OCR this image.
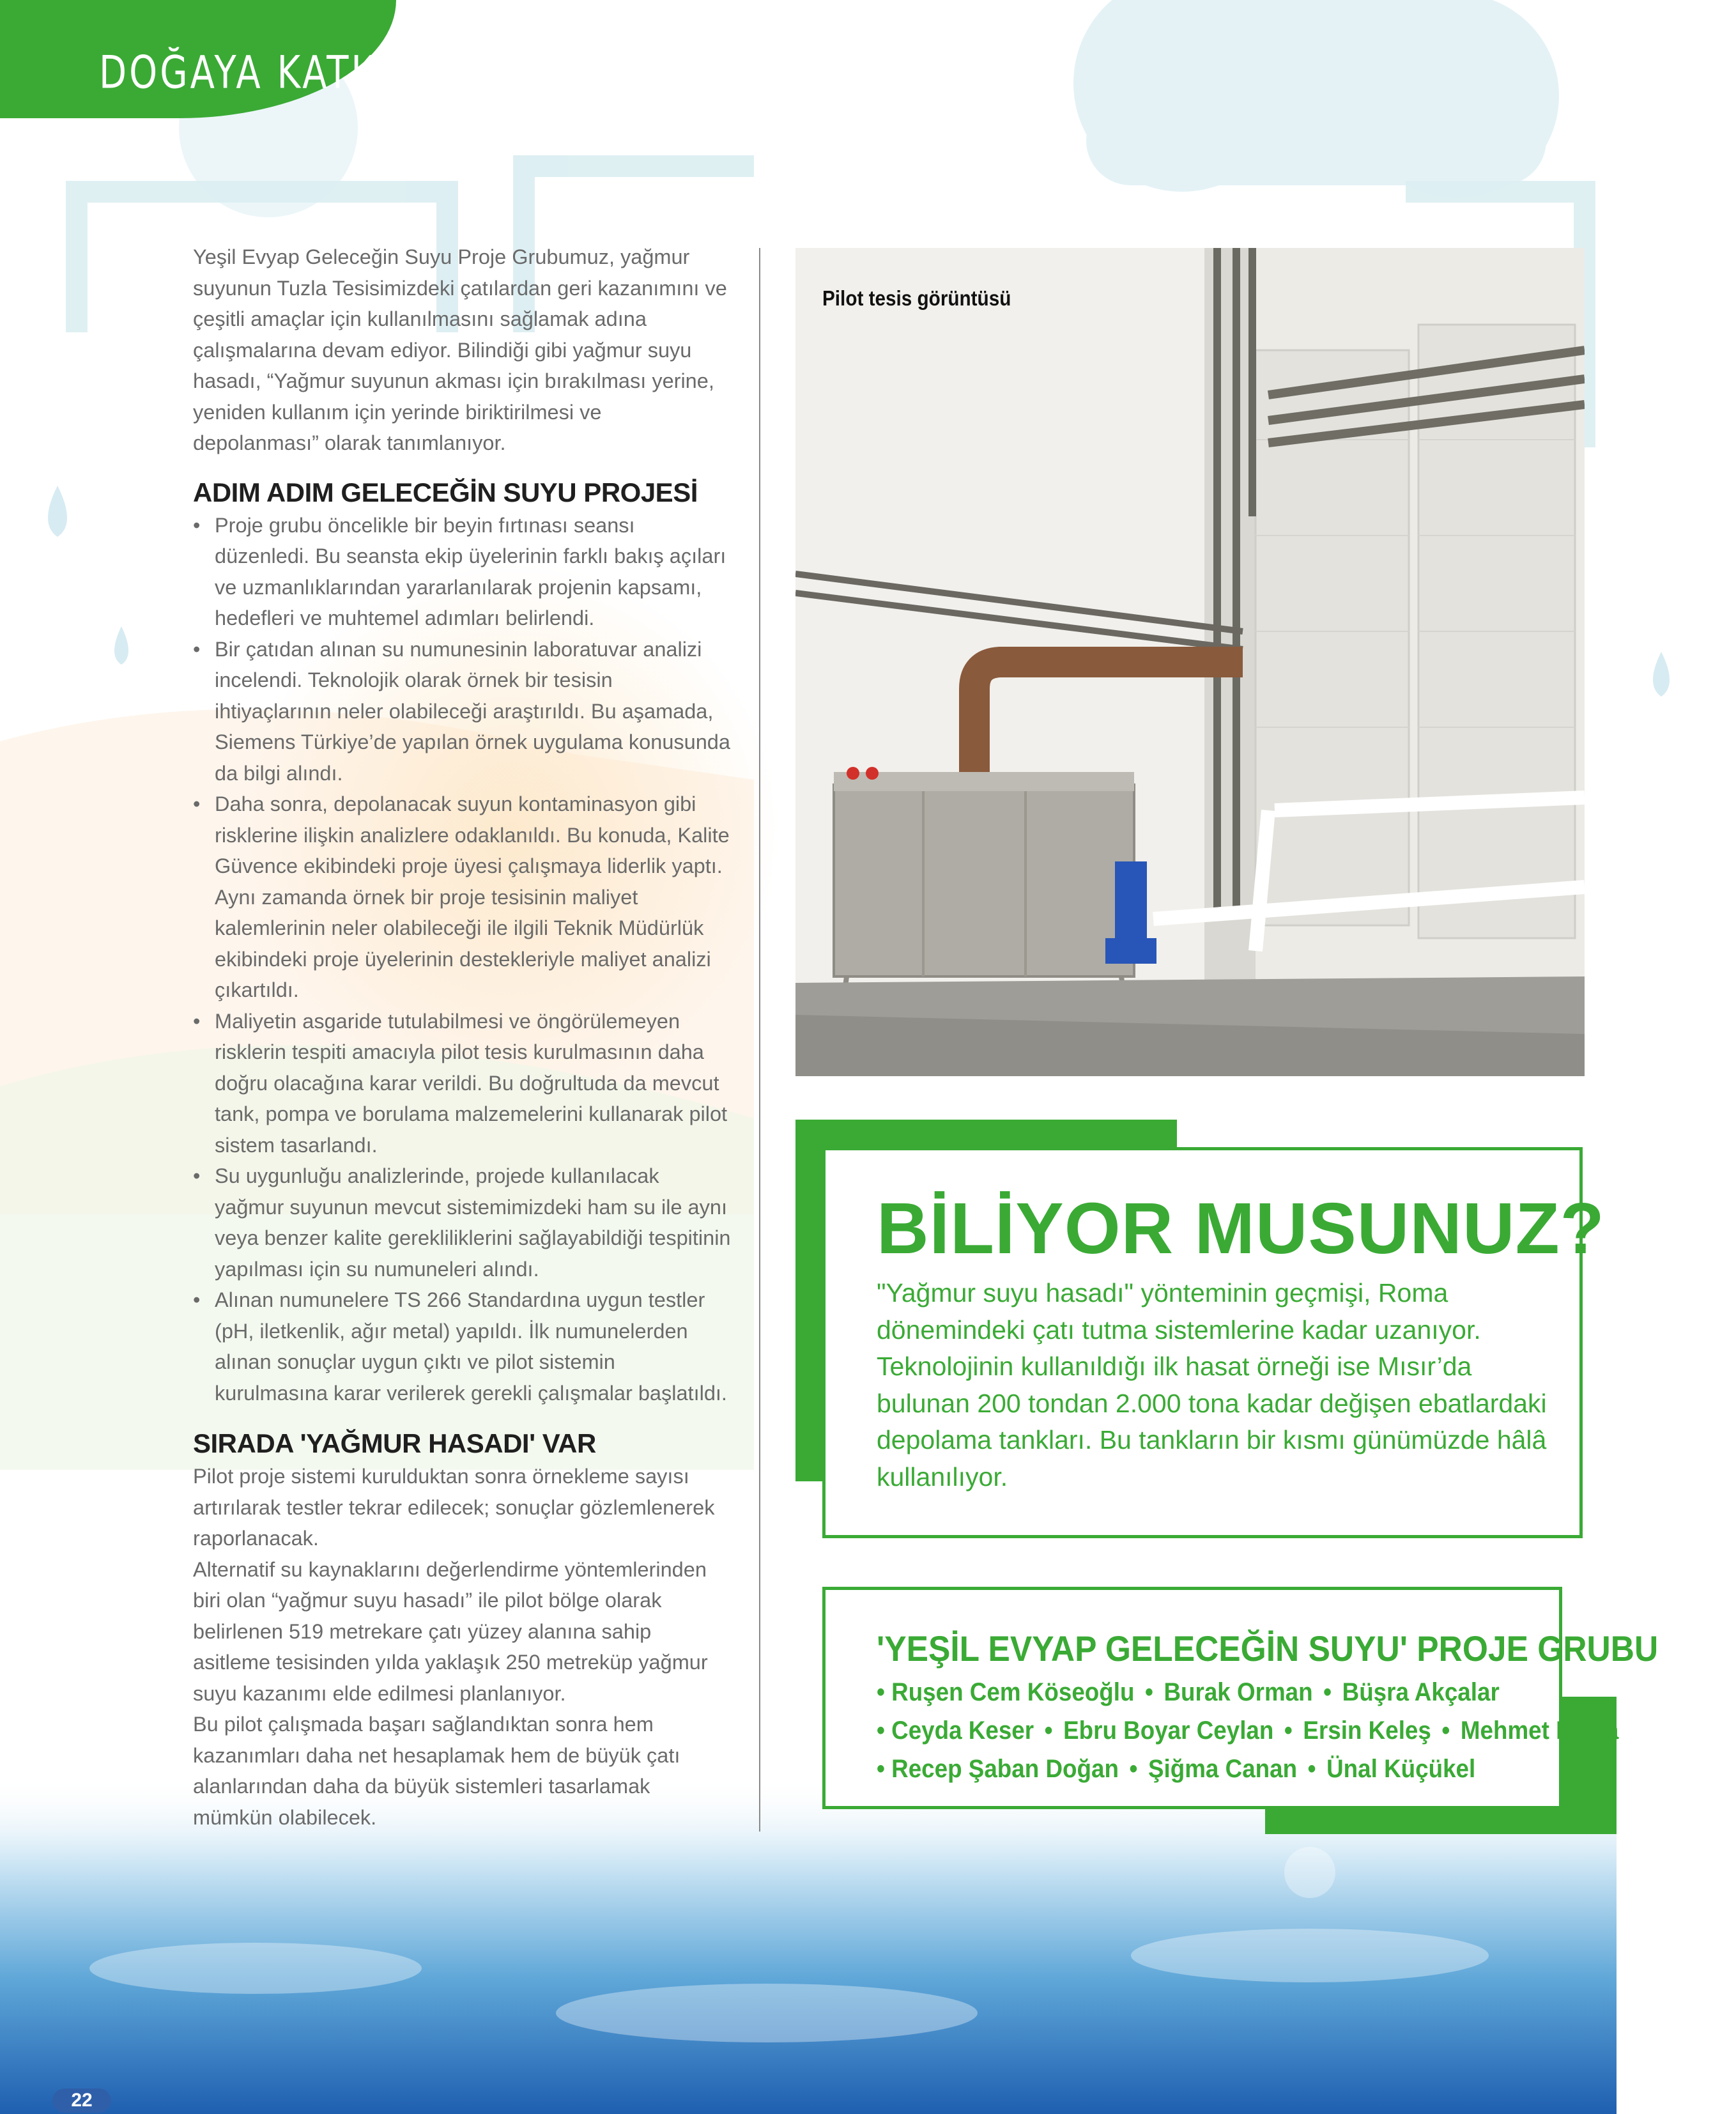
DOĞAYA KATKI

Yeşil Evyap Geleceğin Suyu Proje Grubumuz, yağmur suyunun Tuzla Tesisimizdeki çatılardan geri kazanımını ve çeşitli amaçlar için kullanılmasını sağlamak adına çalışmalarına devam ediyor. Bilindiği gibi yağmur suyu hasadı, “Yağmur suyunun akması için bırakılması yerine, yeniden kullanım için yerinde biriktirilmesi ve depolanması” olarak tanımlanıyor.

ADIM ADIM GELECEĞİN SUYU PROJESİ
• Proje grubu öncelikle bir beyin fırtınası seansı düzenledi. Bu seansta ekip üyelerinin farklı bakış açıları ve uzmanlıklarından yararlanılarak projenin kapsamı, hedefleri ve muhtemel adımları belirlendi.
• Bir çatıdan alınan su numunesinin laboratuvar analizi incelendi. Teknolojik olarak örnek bir tesisin ihtiyaçlarının neler olabileceği araştırıldı. Bu aşamada, Siemens Türkiye’de yapılan örnek uygulama konusunda da bilgi alındı.
• Daha sonra, depolanacak suyun kontaminasyon gibi risklerine ilişkin analizlere odaklanıldı. Bu konuda, Kalite Güvence ekibindeki proje üyesi çalışmaya liderlik yaptı. Aynı zamanda örnek bir proje tesisinin maliyet kalemlerinin neler olabileceği ile ilgili Teknik Müdürlük ekibindeki proje üyelerinin destekleriyle maliyet analizi çıkartıldı.
• Maliyetin asgaride tutulabilmesi ve öngörülemeyen risklerin tespiti amacıyla pilot tesis kurulmasının daha doğru olacağına karar verildi. Bu doğrultuda da mevcut tank, pompa ve borulama malzemelerini kullanarak pilot sistem tasarlandı.
• Su uygunluğu analizlerinde, projede kullanılacak yağmur suyunun mevcut sistemimizdeki ham su ile aynı veya benzer kalite gerekliliklerini sağlayabildiği tespitinin yapılması için su numuneleri alındı.
• Alınan numunelere TS 266 Standardına uygun testler (pH, iletkenlik, ağır metal) yapıldı. İlk numunelerden alınan sonuçlar uygun çıktı ve pilot sistemin kurulmasına karar verilerek gerekli çalışmalar başlatıldı.
SIRADA 'YAĞMUR HASADI' VAR

Pilot proje sistemi kurulduktan sonra örnekleme sayısı artırılarak testler tekrar edilecek; sonuçlar gözlemlenerek raporlanacak.

Alternatif su kaynaklarını değerlendirme yöntemlerinden biri olan “yağmur suyu hasadı” ile pilot bölge olarak belirlenen 519 metrekare çatı yüzey alanına sahip asitleme tesisinden yılda yaklaşık 250 metreküp yağmur suyu kazanımı elde edilmesi planlanıyor.

Bu pilot çalışmada başarı sağlandıktan sonra hem kazanımları daha net hesaplamak hem de büyük çatı alanlarından daha da büyük sistemleri tasarlamak mümkün olabilecek.

Pilot tesis görüntüsü
BİLİYOR MUSUNUZ?
"Yağmur suyu hasadı" yönteminin geçmişi, Roma dönemindeki çatı tutma sistemlerine kadar uzanıyor. Teknolojinin kullanıldığı ilk hasat örneği ise Mısır’da bulunan 200 tondan 2.000 tona kadar değişen ebatlardaki depolama tankları. Bu tankların bir kısmı günümüzde hâlâ kullanılıyor.
'YEŞİL EVYAP GELECEĞİN SUYU' PROJE GRUBU
• Ruşen Cem Köseoğlu • Burak Orman • Büşra Akçalar
• Ceyda Keser • Ebru Boyar Ceylan • Ersin Keleş • Mehmet Nalça
• Recep Şaban Doğan • Şiğma Canan • Ünal Küçükel
22
